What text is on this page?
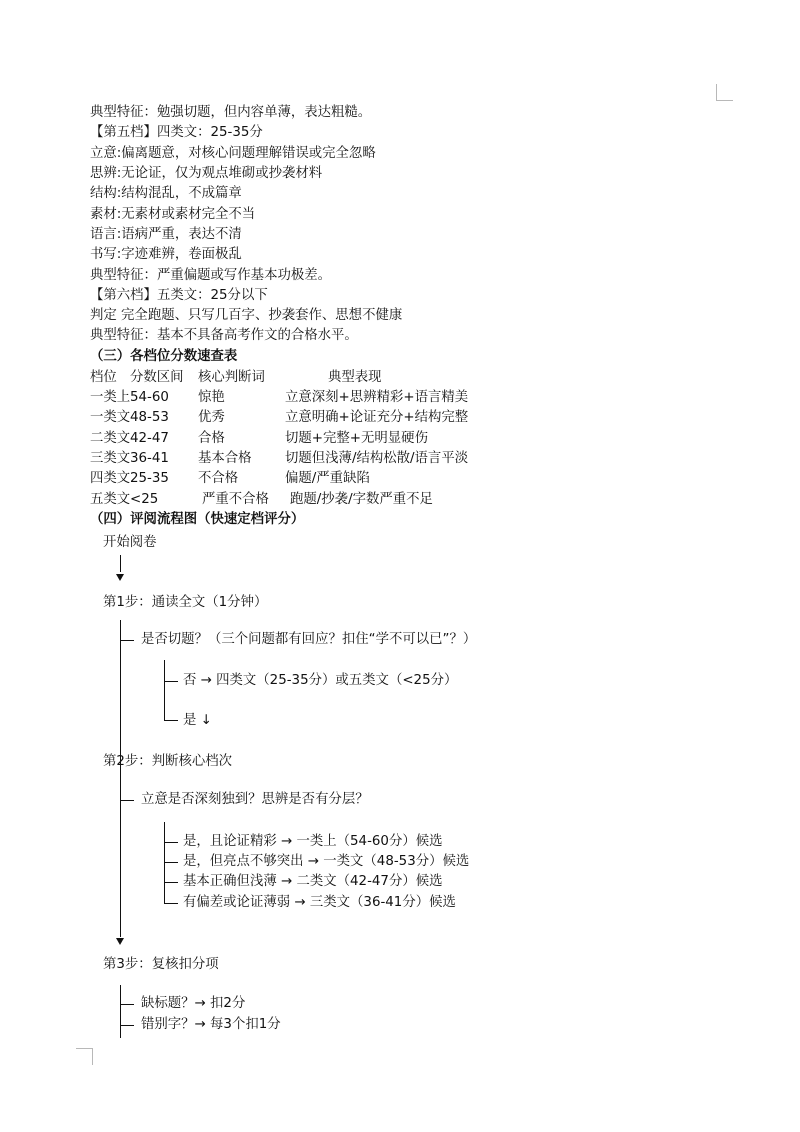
典型特征：勉强切题，但内容单薄，表达粗糙。
【第五档】四类文：25-35分
立意:偏离题意，对核心问题理解错误或完全忽略
思辨:无论证，仅为观点堆砌或抄袭材料
结构:结构混乱，不成篇章
素材:无素材或素材完全不当
语言:语病严重，表达不清
书写:字迹难辨，卷面极乱
典型特征：严重偏题或写作基本功极差。
【第六档】五类文：25分以下
判定 完全跑题、只写几百字、抄袭套作、思想不健康
典型特征：基本不具备高考作文的合格水平。
（三）各档位分数速查表
档位 分数区间 核心判断词	典型表现
一类上 54-60 惊艳	立意深刻+思辨精彩+语言精美
一类文 48-53 优秀	立意明确+论证充分+结构完整
二类文 42-47 合格	切题+完整+无明显硬伤
三类文 36-41 基本合格 切题但浅薄/结构松散/语言平淡
四类文 25-35 不合格	偏题/严重缺陷
五类文 <25	严重不合格 跑题/抄袭/字数严重不足
（四）评阅流程图（快速定档评分）
开始阅卷
第1步：通读全文（1分钟）
是否切题？（三个问题都有回应？扣住“学不可以已”？）
否 → 四类文（25-35分）或五类文（<25分）
是 ↓
第2步：判断核心档次
立意是否深刻独到？思辨是否有分层？
是，且论证精彩 → 一类上（54-60分）候选
是，但亮点不够突出 → 一类文（48-53分）候选
基本正确但浅薄 → 二类文（42-47分）候选
有偏差或论证薄弱 → 三类文（36-41分）候选
第3步：复核扣分项
缺标题？→ 扣2分
错别字？→ 每3个扣1分
